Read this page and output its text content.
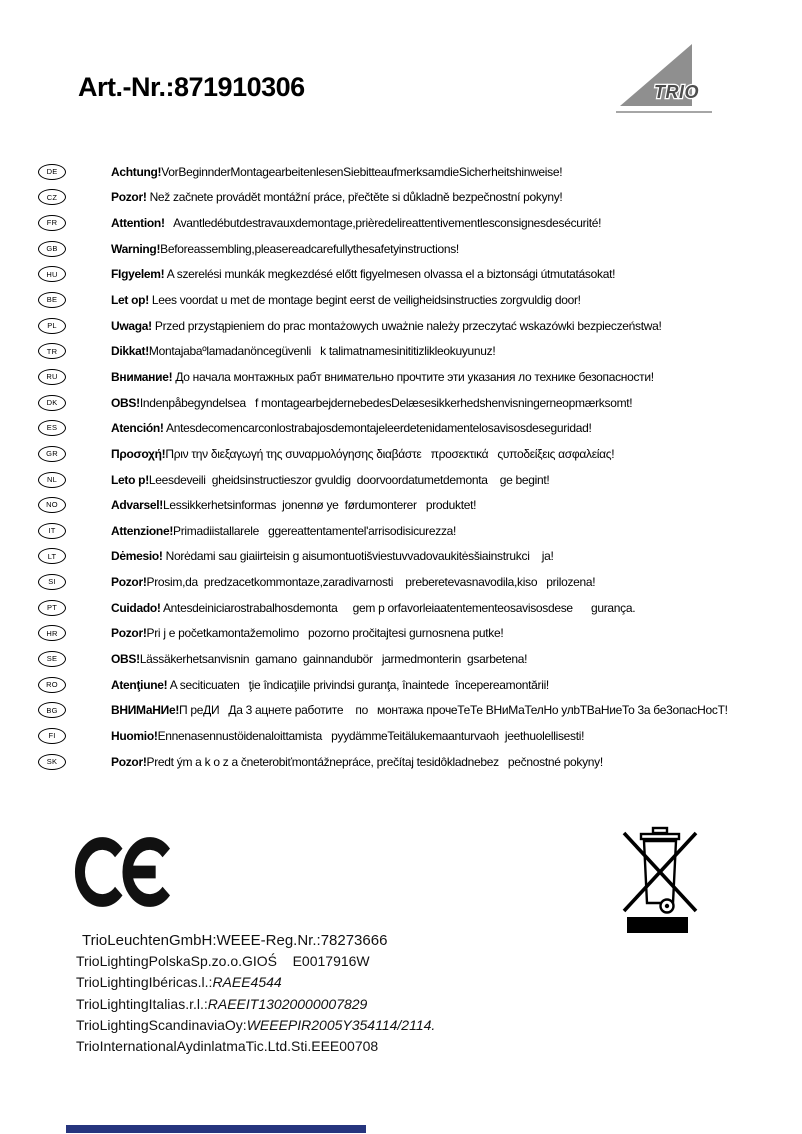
Art.-Nr.:871910306	TRIO
DE	Achtung!VorBeginnderMontagearbeitenlesenSiebitteaufmerksamdieSicherheitshinweise!
CZ	Pozor! Než začnete provádět montážní práce, přečtěte si důkladně bezpečnostní pokyny!
FR	Attention!   Avantledébutdestravauxdemontage,prièredelireattentivementlesconsignesdesécurité!
GB	Warning!Beforeassembling,pleasereadcarefullythesafetyinstructions!
HU	FIgyelem! A szerelési munkák megkezdésé előtt figyelmesen olvassa el a biztonsági útmutatásokat!
BE	Let op! Lees voordat u met de montage begint eerst de veiligheidsinstructies zorgvuldig door!
PL	Uwaga! Przed przystąpieniem do prac montażowych uważnie należy przeczytać wskazówki bezpieczeństwa!
TR	Dikkat!Montajabaºlamadanöncegüvenli   k talimatnamesinititizlikleokuyunuz!
RU	Внимание! До начала монтажных рабт внимательно прочтите эти указания ло технике безопасности!
DK	OBS!Indenpåbegyndelsea   f montagearbejdernebedesDelæsesikkerhedshenvisningerneopmærksomt!
ES	Atención! Antesdecomencarconlostrabajosdemontajeleerdetenidamentelosavisosdeseguridad!
GR	Προσοχή!Πριν την διεξαγωγή της συναρμολόγησης διαβάστε   προσεκτικά   ςυποδείξεις ασφαλείας!
NL	Leto p!Leesdeveili  gheidsinstructieszor gvuldig  doorvoordatumetdemonta    ge begint!
NO	Advarsel!Lessikkerhetsinformas  jonennø ye  førdumonterer   produktet!
IT	Attenzione!Primadiistallarele   ggereattentamentel'arrisodisicurezza!
LT	Dėmesio! Norėdami sau giaiirteisin g aisumontuotišviestuvvadovaukitėsšiainstrukci    ja!
SI	Pozor!Prosim,da  predzacetkommontaze,zaradivarnosti    preberetevasnavodila,kiso   prilozena!
PT	Cuidado! Antesdeiniciarostrabalhosdemonta     gem p orfavorleiaatentementeosavisosdese      gurança.
HR	Pozor!Pri j e početkamontažemolimo   pozorno pročitajtesi gurnosnena putke!
SE	OBS!Lässäkerhetsanvisnin  gamano  gainnandubör   jarmedmonterin  gsarbetena!
RO	Atenţiune! A seciticuaten   ţie îndicaţiile privindsi guranţa, înaintede  începereamontării!
BG	ВНИМаНИе!П реДИ   Да 3 ацнете работите    по   монтажа прочеТеТе ВНиМаТелНо улbТВаНиеТо 3а бе3опасНосТ!
FI	Huomio!Ennenasennustöidenaloittamista   pyydämmeTeitälukemaanturvaoh  jeethuolellisesti!
SK	Pozor!Predt ým a k o z a čneterobiťmontážnepráce, prečítaj tesidôkladnebez   pečnostné pokyny!
TrioLeuchtenGmbH:WEEE-Reg.Nr.:78273666
TrioLightingPolskaSp.zo.o.GIOŚ    E0017916W
TrioLightingIbéricas.l.:RAEE4544
TrioLightingItalias.r.l.:RAEEIT13020000007829
TrioLightingScandinaviaOy:WEEEPIR2005Y354114/2114.
TrioInternationalAydinlatmaTic.Ltd.Sti.EEE00708
